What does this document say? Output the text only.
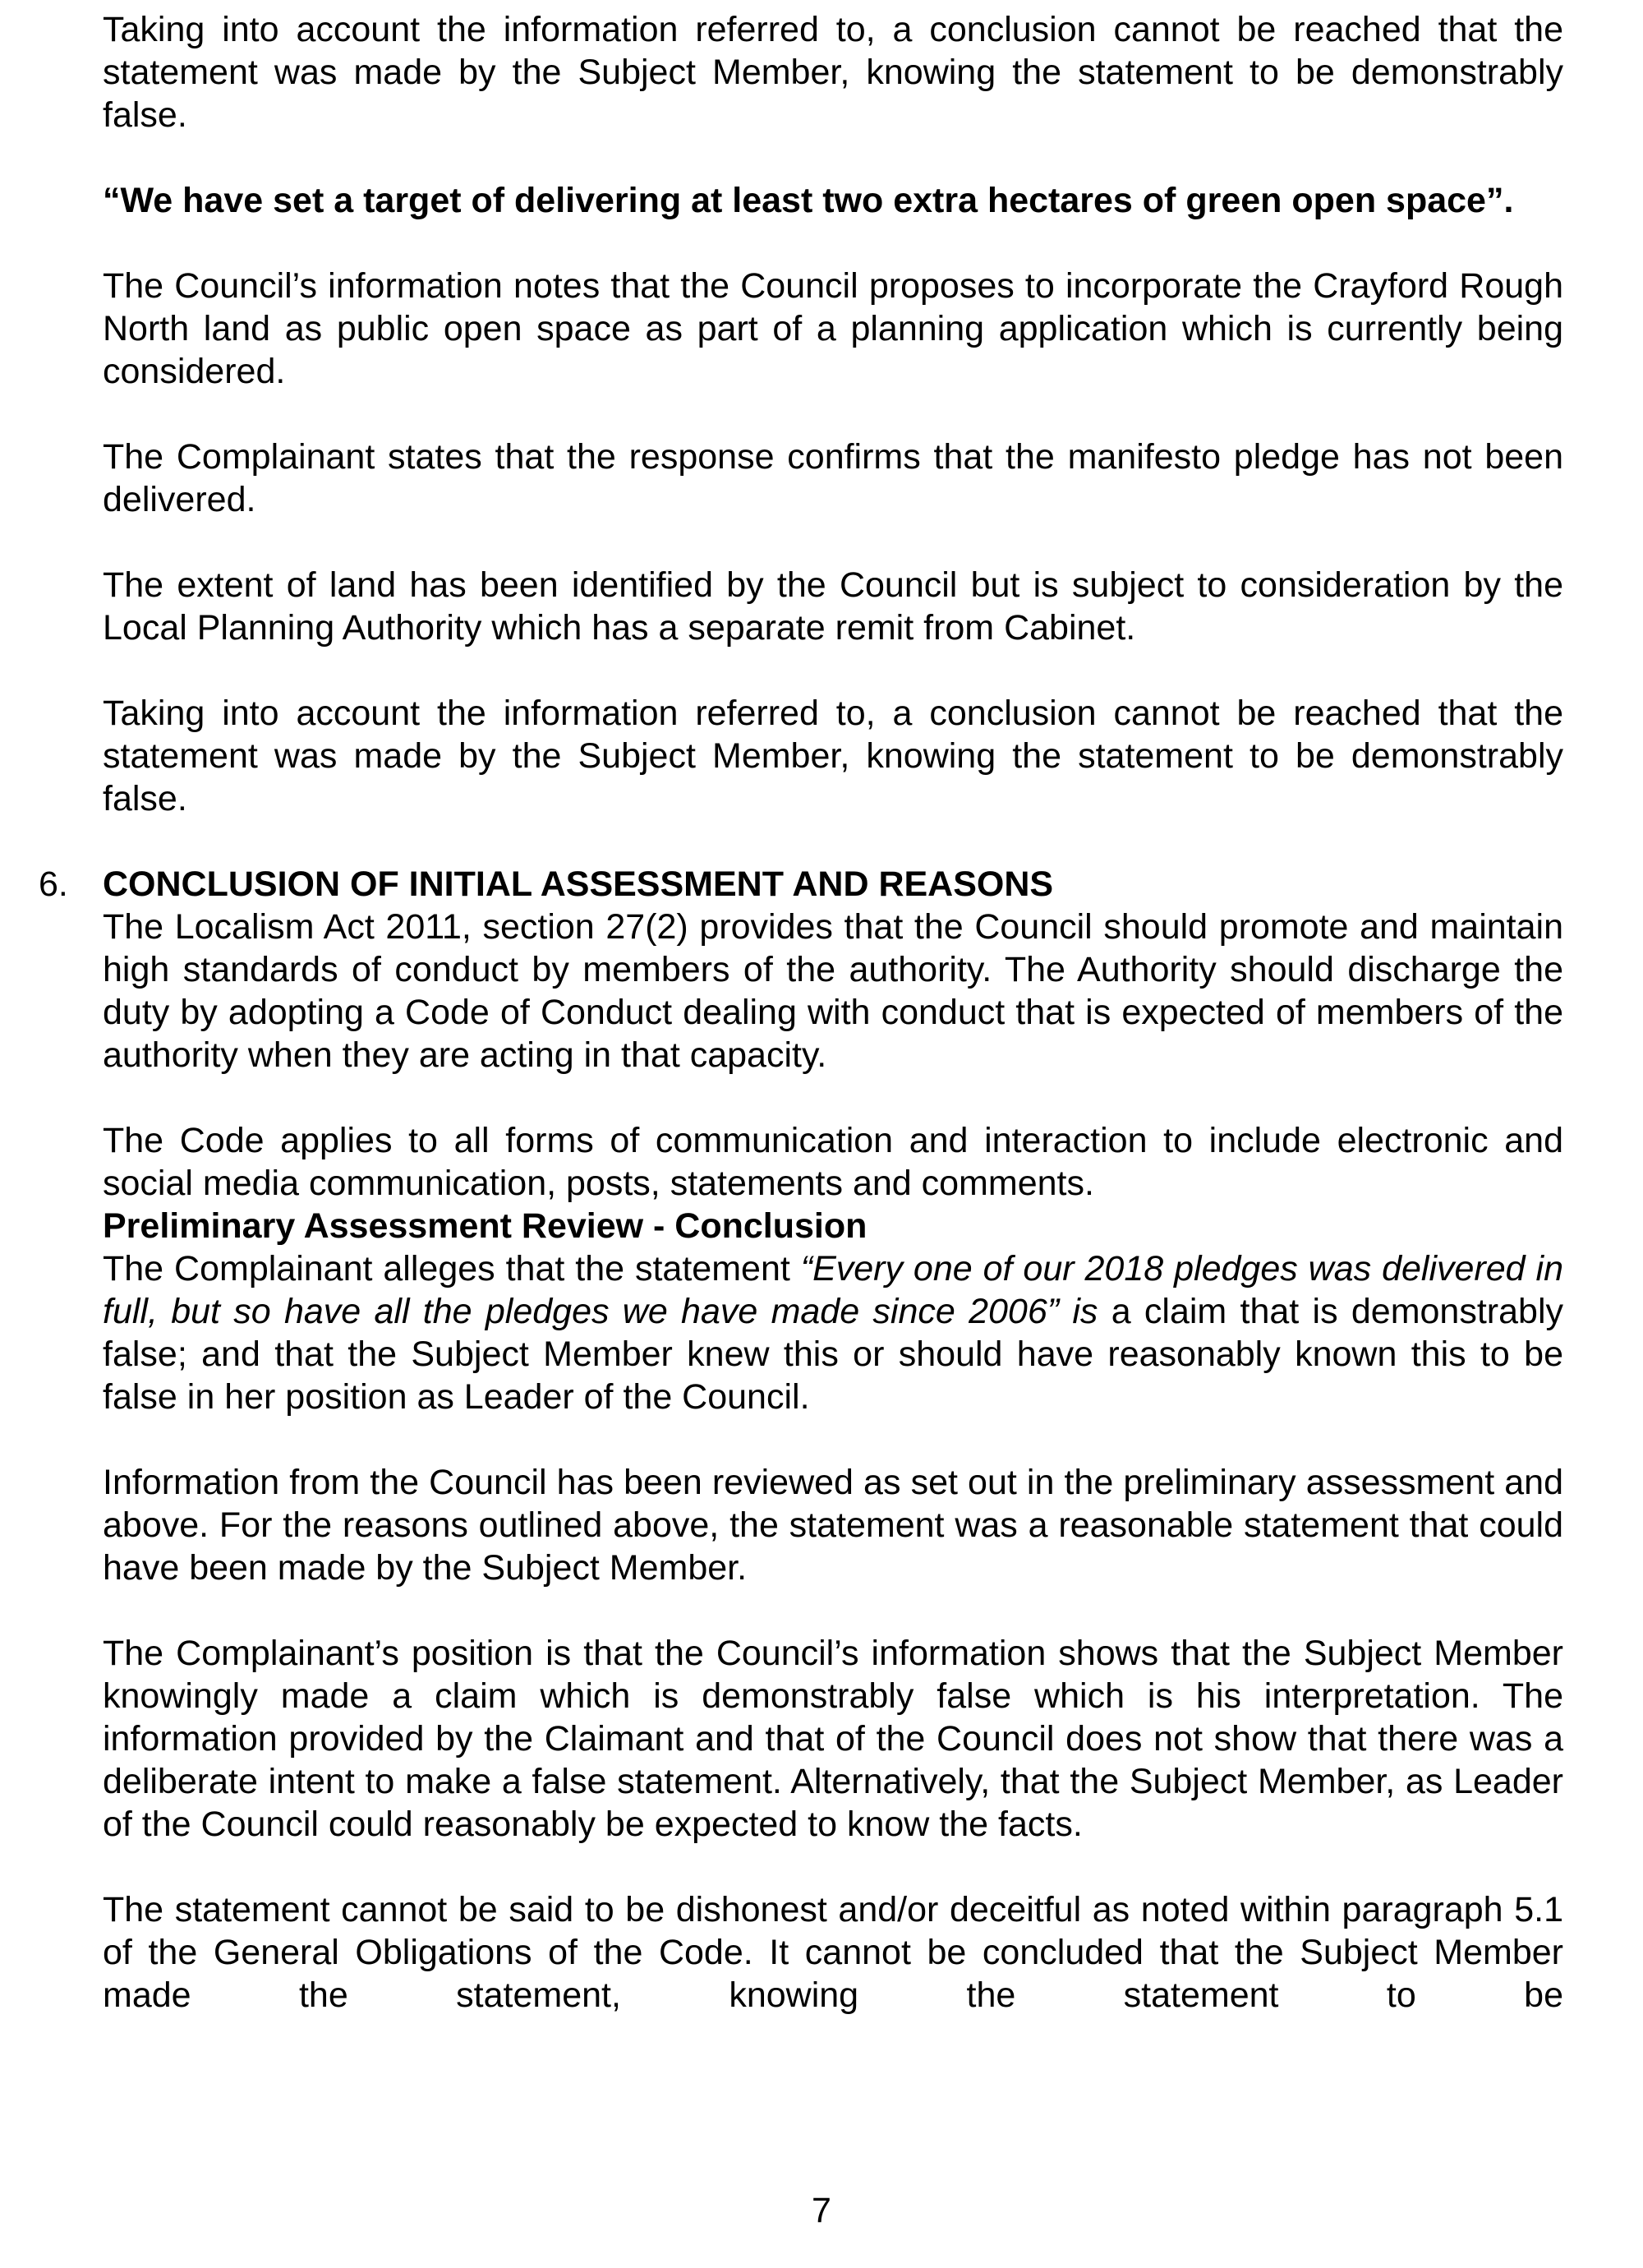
Taking into account the information referred to, a conclusion cannot be reached that the statement was made by the Subject Member, knowing the statement to be demonstrably false.

“We have set a target of delivering at least two extra hectares of green open space”.

The Council’s information notes that the Council proposes to incorporate the Crayford Rough North land as public open space as part of a planning application which is currently being considered.

The Complainant states that the response confirms that the manifesto pledge has not been delivered.

The extent of land has been identified by the Council but is subject to consideration by the Local Planning Authority which has a separate remit from Cabinet.

Taking into account the information referred to, a conclusion cannot be reached that the statement was made by the Subject Member, knowing the statement to be demonstrably false.

6. CONCLUSION OF INITIAL ASSESSMENT AND REASONS

The Localism Act 2011, section 27(2) provides that the Council should promote and maintain high standards of conduct by members of the authority. The Authority should discharge the duty by adopting a Code of Conduct dealing with conduct that is expected of members of the authority when they are acting in that capacity.

The Code applies to all forms of communication and interaction to include electronic and social media communication, posts, statements and comments.

Preliminary Assessment Review - Conclusion

The Complainant alleges that the statement “Every one of our 2018 pledges was delivered in full, but so have all the pledges we have made since 2006” is a claim that is demonstrably false; and that the Subject Member knew this or should have reasonably known this to be false in her position as Leader of the Council.

Information from the Council has been reviewed as set out in the preliminary assessment and above. For the reasons outlined above, the statement was a reasonable statement that could have been made by the Subject Member.

The Complainant’s position is that the Council’s information shows that the Subject Member knowingly made a claim which is demonstrably false which is his interpretation. The information provided by the Claimant and that of the Council does not show that there was a deliberate intent to make a false statement. Alternatively, that the Subject Member, as Leader of the Council could reasonably be expected to know the facts.

The statement cannot be said to be dishonest and/or deceitful as noted within paragraph 5.1 of the General Obligations of the Code. It cannot be concluded that the Subject Member made the statement, knowing the statement to be

7
